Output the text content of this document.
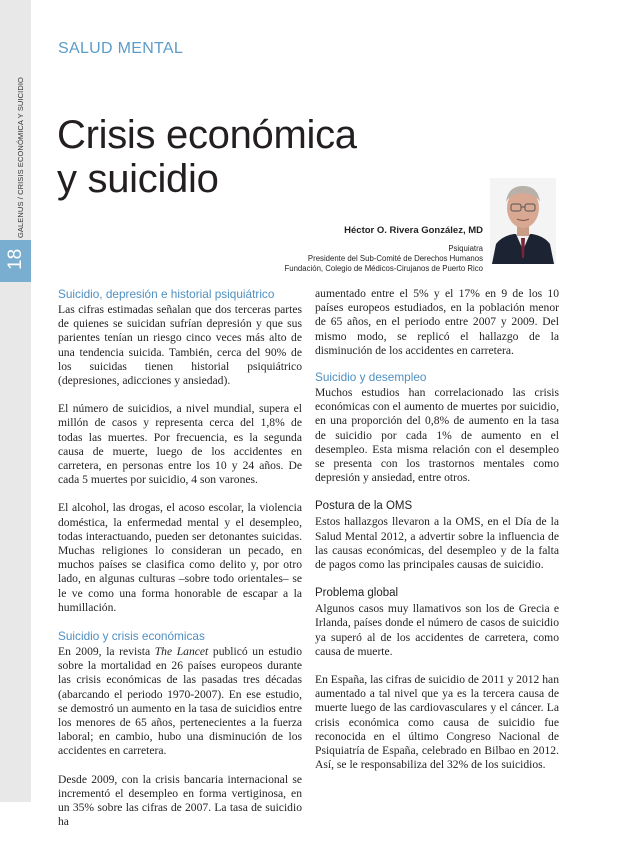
GALENUS / CRISIS ECONÓMICA Y SUICIDIO
18
SALUD MENTAL
Crisis económica
y suicidio
Héctor O. Rivera González, MD
Psiquiatra
Presidente del Sub-Comité de Derechos Humanos
Fundación, Colegio de Médicos-Cirujanos de Puerto Rico
Suicidio, depresión e historial psiquiátrico

Las cifras estimadas señalan que dos terceras partes de quienes se suicidan sufrían depresión y que sus parientes tenían un riesgo cinco veces más alto de una tendencia suicida. También, cerca del 90% de los suicidas tienen historial psiquiátrico (depresiones, adicciones y ansiedad).

El número de suicidios, a nivel mundial, supera el millón de casos y representa cerca del 1,8% de todas las muertes. Por frecuencia, es la segunda causa de muerte, luego de los accidentes en carretera, en personas entre los 10 y 24 años. De cada 5 muertes por suicidio, 4 son varones.

El alcohol, las drogas, el acoso escolar, la violencia doméstica, la enfermedad mental y el desempleo, todas interactuando, pueden ser detonantes suicidas. Muchas religiones lo consideran un pecado, en muchos países se clasifica como delito y, por otro lado, en algunas culturas –sobre todo orientales– se le ve como una forma honorable de escapar a la humillación.

Suicidio y crisis económicas

En 2009, la revista The Lancet publicó un estudio sobre la mortalidad en 26 países europeos durante las crisis económicas de las pasadas tres décadas (abarcando el periodo 1970-2007). En ese estudio, se demostró un aumento en la tasa de suicidios entre los menores de 65 años, pertenecientes a la fuerza laboral; en cambio, hubo una disminución de los accidentes en carretera.

Desde 2009, con la crisis bancaria internacional se incrementó el desempleo en forma vertiginosa, en un 35% sobre las cifras de 2007. La tasa de suicidio ha

aumentado entre el 5% y el 17% en 9 de los 10 países europeos estudiados, en la población menor de 65 años, en el periodo entre 2007 y 2009. Del mismo modo, se replicó el hallazgo de la disminución de los accidentes en carretera.

Suicidio y desempleo

Muchos estudios han correlacionado las crisis económicas con el aumento de muertes por suicidio, en una proporción del 0,8% de aumento en la tasa de suicidio por cada 1% de aumento en el desempleo. Esta misma relación con el desempleo se presenta con los trastornos mentales como depresión y ansiedad, entre otros.

Postura de la OMS

Estos hallazgos llevaron a la OMS, en el Día de la Salud Mental 2012, a advertir sobre la influencia de las causas económicas, del desempleo y de la falta de pagos como las principales causas de suicidio.

Problema global

Algunos casos muy llamativos son los de Grecia e Irlanda, países donde el número de casos de suicidio ya superó al de los accidentes de carretera, como causa de muerte.

En España, las cifras de suicidio de 2011 y 2012 han aumentado a tal nivel que ya es la tercera causa de muerte luego de las cardiovasculares y el cáncer. La crisis económica como causa de suicidio fue reconocida en el último Congreso Nacional de Psiquiatría de España, celebrado en Bilbao en 2012. Así, se le responsabiliza del 32% de los suicidios.
